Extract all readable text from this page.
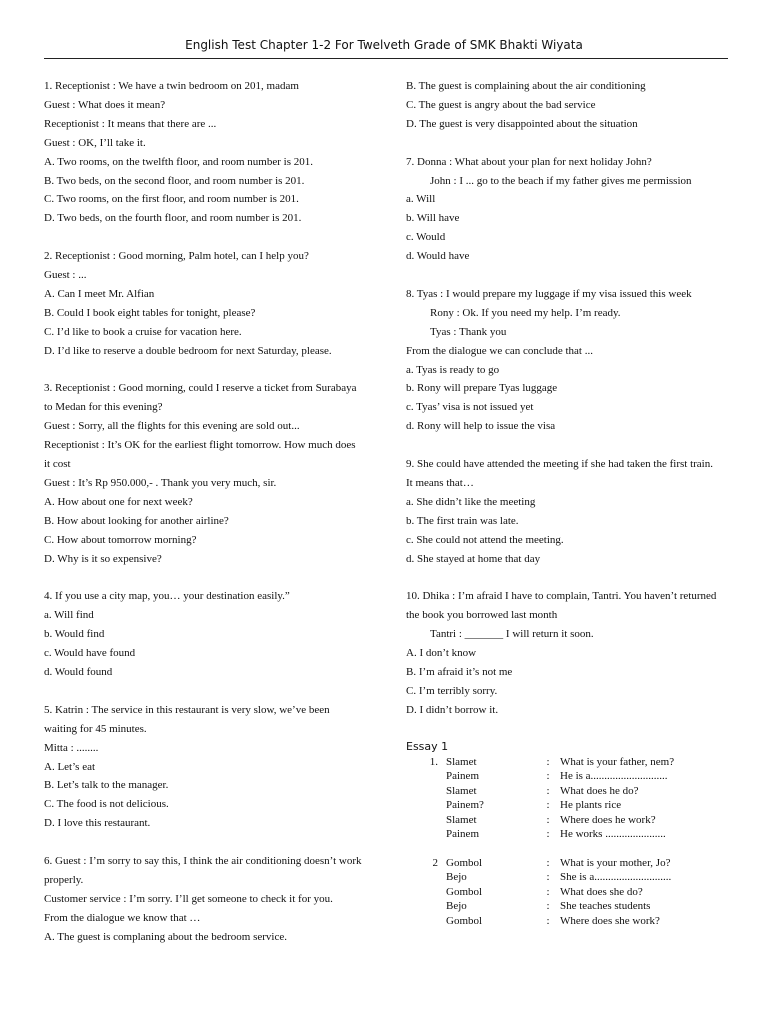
English Test Chapter 1-2 For Twelveth Grade of SMK Bhakti Wiyata

1. Receptionist : We have a twin bedroom on 201, madam

Guest : What does it mean?

Receptionist : It means that there are ...

Guest : OK, I’ll take it.

A. Two rooms, on the twelfth floor, and room number is 201.

B. Two beds, on the second floor, and room number is 201.

C. Two rooms, on the first floor, and room number is 201.

D. Two beds, on the fourth floor, and room number is 201.

2. Receptionist : Good morning, Palm hotel, can I help you?

Guest : ...

A. Can I meet Mr. Alfian

B. Could I book eight tables for tonight, please?

C. I’d like to book a cruise for vacation here.

D. I’d like to reserve a double bedroom for next Saturday, please.

3. Receptionist : Good morning, could I reserve a ticket from Surabaya to Medan for this evening?

Guest : Sorry, all the flights for this evening are sold out...

Receptionist : It’s OK for the earliest flight tomorrow. How much does it cost

Guest : It’s Rp 950.000,- . Thank you very much, sir.

A. How about one for next week?

B. How about looking for another airline?

C. How about tomorrow morning?

D. Why is it so expensive?

4. If you use a city map, you… your destination easily.”

a. Will find

b. Would find

c. Would have found

d. Would found

5. Katrin : The service in this restaurant is very slow, we’ve been waiting for 45 minutes.

Mitta : ........

A. Let’s eat

B. Let’s talk to the manager.

C. The food is not delicious.

D. I love this restaurant.

6. Guest : I’m sorry to say this, I think the air conditioning doesn’t work properly.

Customer service : I’m sorry. I’ll get someone to check it for you.

From the dialogue we know that …

A. The guest is complaning about the bedroom service.

B. The guest is complaining about the air conditioning

C. The guest is angry about the bad service

D. The guest is very disappointed about the situation

7. Donna : What about your plan for next holiday John?

John : I ... go to the beach if my father gives me permission

a. Will

b. Will have

c. Would

d. Would have

8. Tyas : I would prepare my luggage if my visa issued this week

Rony : Ok. If you need my help. I’m ready.

Tyas : Thank you

From the dialogue we can conclude that ...

a. Tyas is ready to go

b. Rony will prepare Tyas luggage

c. Tyas’ visa is not issued yet

d. Rony will help to issue the visa

9. She could have attended the meeting if she had taken the first train. It means that…

a. She didn’t like the meeting

b. The first train was late.

c. She could not attend the meeting.

d. She stayed at home that day

10. Dhika : I’m afraid I have to complain, Tantri. You haven’t returned the book you borrowed last month

Tantri : _______ I will return it soon.

A. I don’t know

B. I’m afraid it’s not me

C. I’m terribly sorry.

D. I didn’t borrow it.

Essay 1
1.	Slamet	:	What is your father, nem?
	Painem	:	He is a............................
	Slamet	:	What does he do?
	Painem?	:	He plants rice
	Slamet	:	Where does he work?
	Painem	:	He works ......................

2	Gombol	:	What is your mother, Jo?
	Bejo	:	She is a............................
	Gombol	:	What does she do?
	Bejo	:	She teaches students
	Gombol	:	Where does she work?
